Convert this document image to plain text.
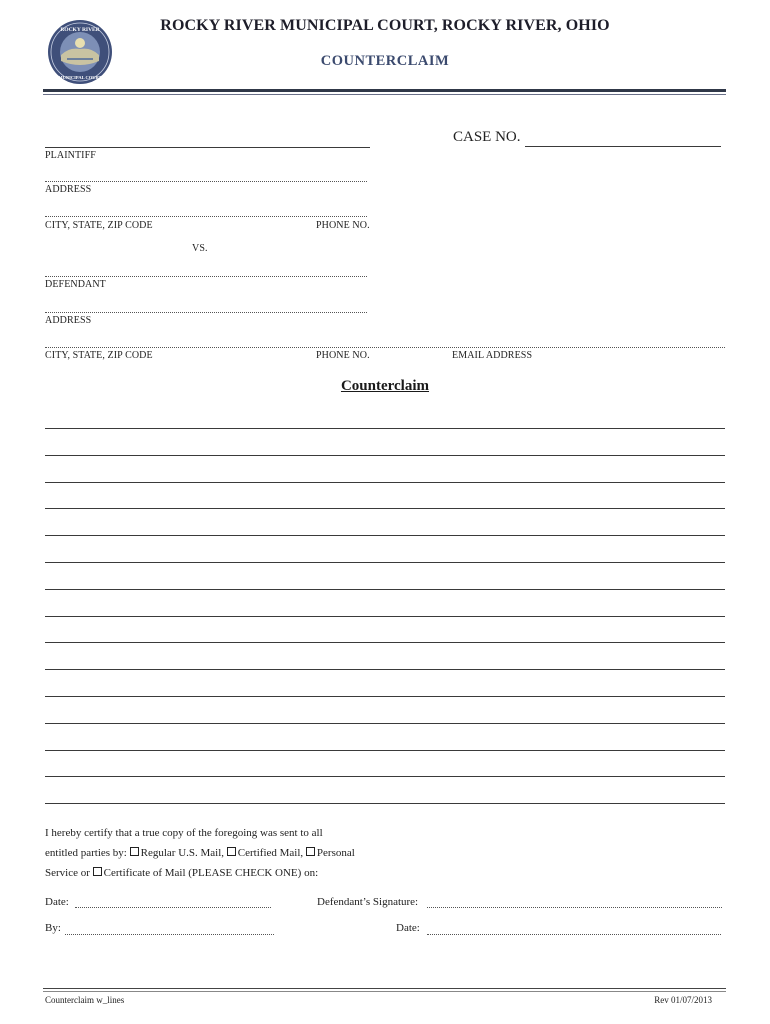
ROCKY RIVER
MUNICIPAL COURT
ROCKY RIVER MUNICIPAL COURT, ROCKY RIVER, OHIO
COUNTERCLAIM
CASE NO.
PLAINTIFF
ADDRESS
CITY, STATE, ZIP CODE	PHONE NO.
VS.
DEFENDANT
ADDRESS
CITY, STATE, ZIP CODE	PHONE NO.	EMAIL ADDRESS
Counterclaim
I hereby certify that a true copy of the foregoing was sent to all
entitled parties by: Regular U.S. Mail, Certified Mail, Personal
Service or Certificate of Mail (PLEASE CHECK ONE) on:
Date:	Defendant’s Signature:
By:	Date:
Counterclaim w_lines	Rev 01/07/2013
